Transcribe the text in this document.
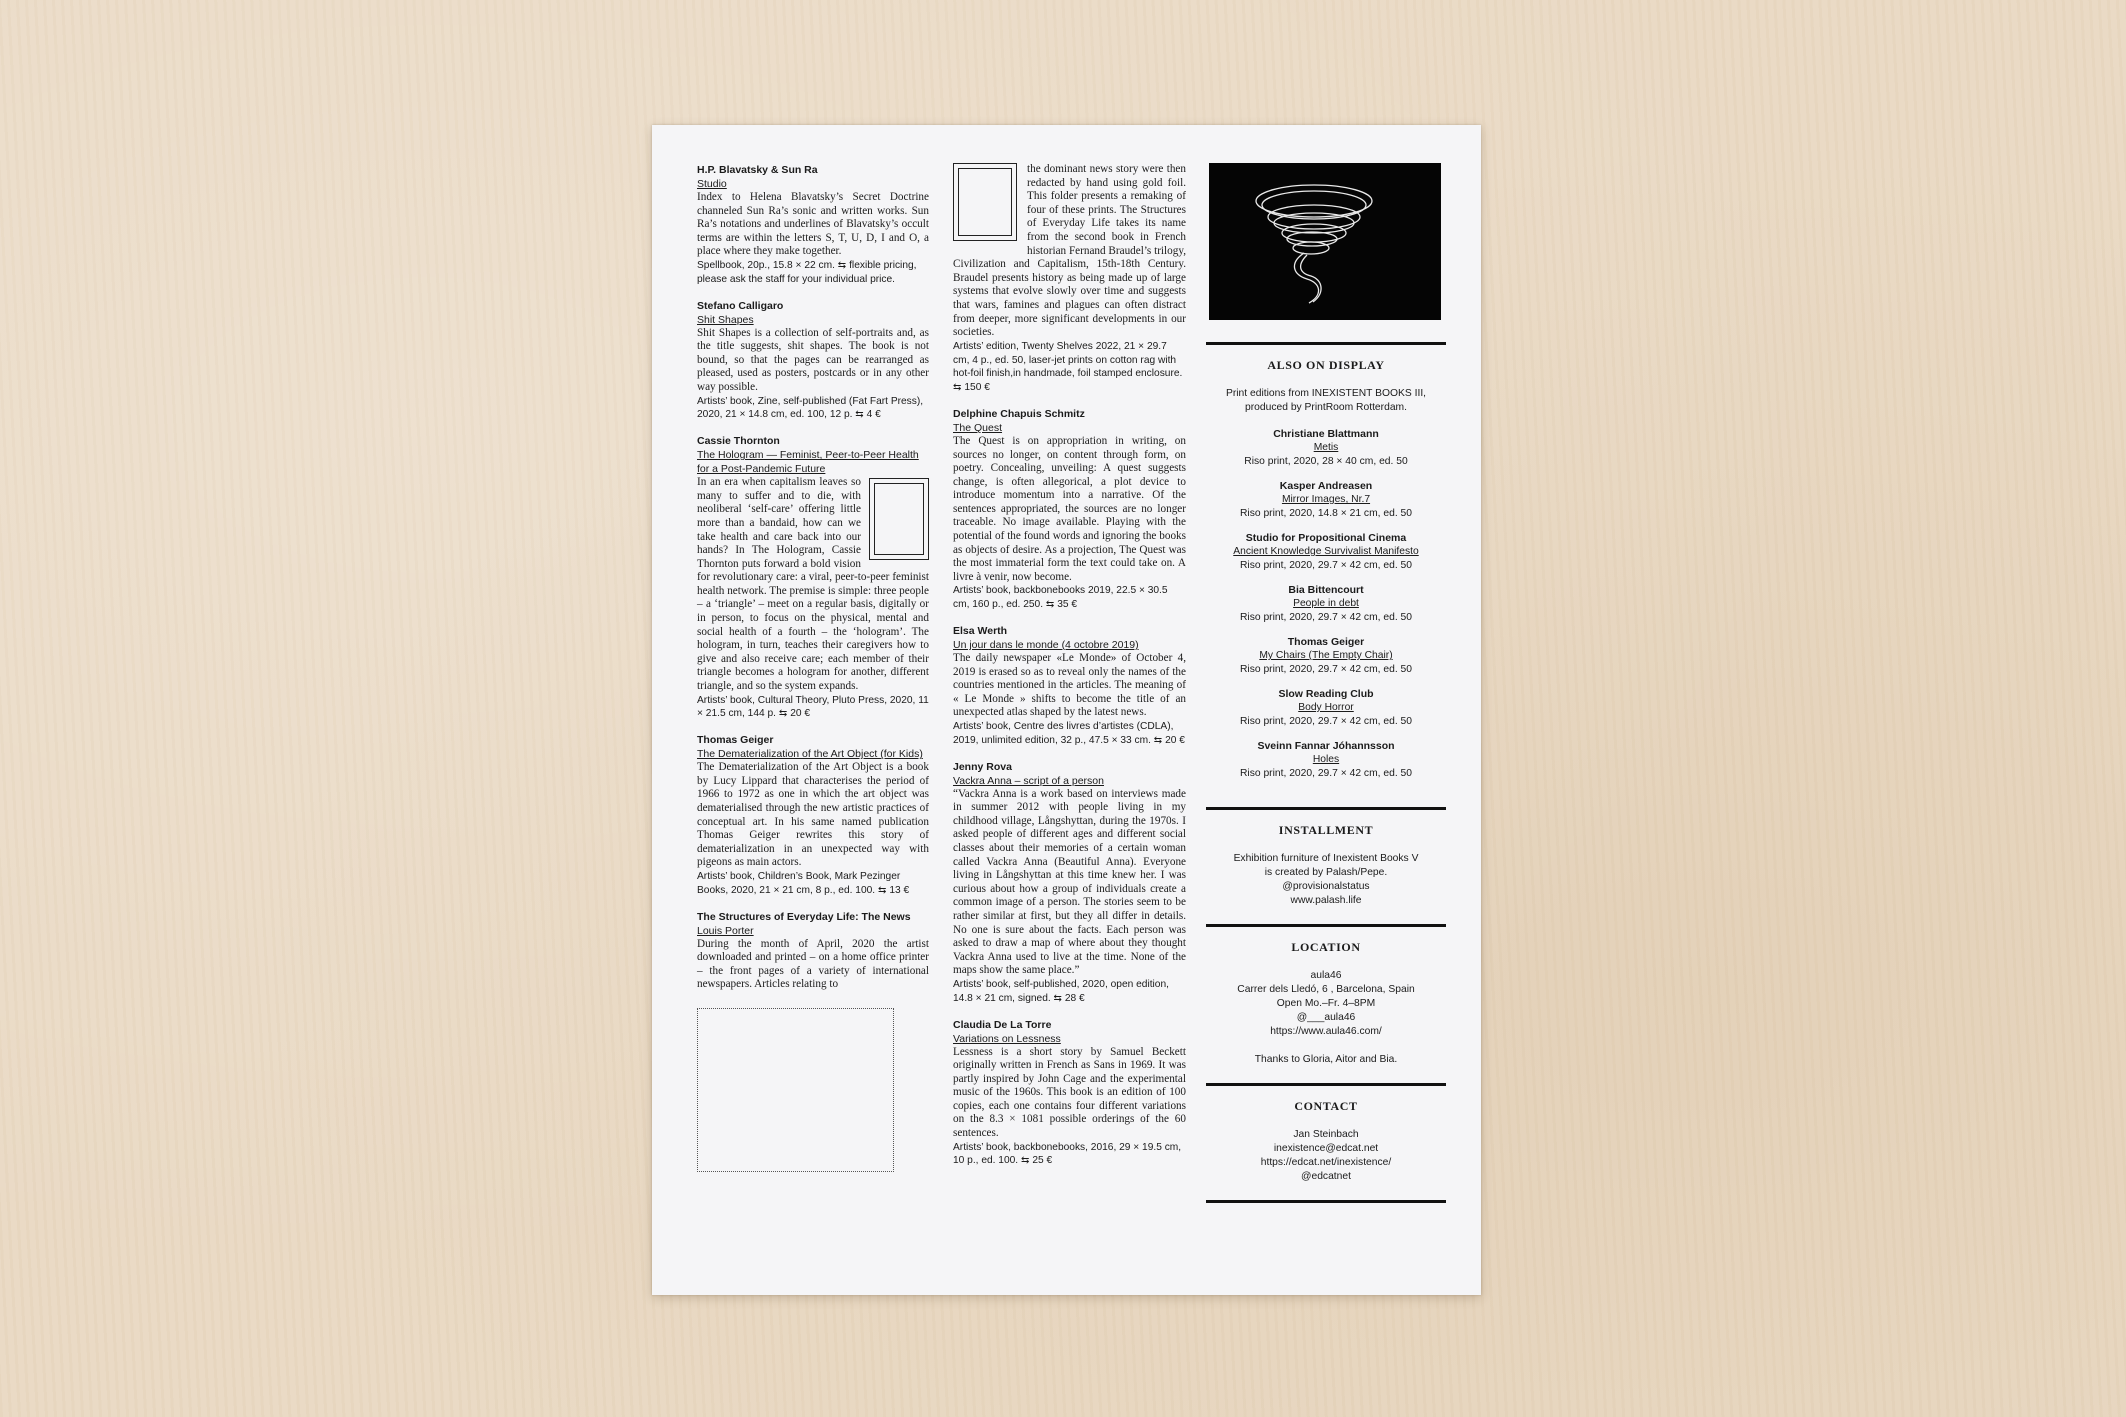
H.P. Blavatsky & Sun Ra
Studio

Index to Helena Blavatsky’s Secret Doctrine channeled Sun Ra’s sonic and written works. Sun Ra’s notations and underlines of Blavatsky’s occult terms are within the letters S, T, U, D, I and O, a place where they make together.

Spellbook, 20p., 15.8 × 22 cm. ⇆ flexible pricing, please ask the staff for your individual price.

Stefano Calligaro
Shit Shapes

Shit Shapes is a collection of self-portraits and, as the title suggests, shit shapes. The book is not bound, so that the pages can be rearranged as pleased, used as posters, postcards or in any other way possible.

Artists’ book, Zine, self-published (Fat Fart Press), 2020, 21 × 14.8 cm, ed. 100, 12 p. ⇆ 4 €

Cassie Thornton
The Hologram — Feminist, Peer-to-Peer Health for a Post-Pandemic Future

In an era when capitalism leaves so many to suffer and to die, with neoliberal ‘self-care’ offering little more than a bandaid, how can we take health and care back into our hands? In The Hologram, Cassie Thornton puts forward a bold vision for revolutionary care: a viral, peer-to-peer feminist health network. The premise is simple: three people – a ‘triangle’ – meet on a regular basis, digitally or in person, to focus on the physical, mental and social health of a fourth – the ‘hologram’. The hologram, in turn, teaches their caregivers how to give and also receive care; each member of their triangle becomes a hologram for another, different triangle, and so the system expands.

Artists’ book, Cultural Theory, Pluto Press, 2020, 11 × 21.5 cm, 144 p. ⇆ 20 €

Thomas Geiger
The Dematerialization of the Art Object (for Kids)

The Dematerialization of the Art Object is a book by Lucy Lippard that characterises the period of 1966 to 1972 as one in which the art object was dematerialised through the new artistic practices of conceptual art. In his same named publication Thomas Geiger rewrites this story of dematerialization in an unexpected way with pigeons as main actors.

Artists’ book, Children’s Book, Mark Pezinger Books, 2020, 21 × 21 cm, 8 p., ed. 100. ⇆ 13 €

The Structures of Everyday Life: The News
Louis Porter

During the month of April, 2020 the artist downloaded and printed – on a home office printer – the front pages of a variety of international newspapers. Articles relating to

the dominant news story were then redacted by hand using gold foil. This folder presents a remaking of four of these prints. The Structures of Everyday Life takes its name from the second book in French historian Fernand Braudel’s trilogy, Civilization and Capitalism, 15th-18th Century. Braudel presents history as being made up of large systems that evolve slowly over time and suggests that wars, famines and plagues can often distract from deeper, more significant developments in our societies.

Artists’ edition, Twenty Shelves 2022, 21 × 29.7 cm, 4 p., ed. 50, laser-jet prints on cotton rag with hot-foil finish,in handmade, foil stamped enclosure. ⇆ 150 €

Delphine Chapuis Schmitz
The Quest

The Quest is on appropriation in writing, on sources no longer, on content through form, on poetry. Concealing, unveiling: A quest suggests change, is often allegorical, a plot device to introduce momentum into a narrative. Of the sentences appropriated, the sources are no longer traceable. No image available. Playing with the potential of the found words and ignoring the books as objects of desire. As a projection, The Quest was the most immaterial form the text could take on. A livre à venir, now become.

Artists’ book, backbonebooks 2019, 22.5 × 30.5 cm, 160 p., ed. 250. ⇆ 35 €

Elsa Werth
Un jour dans le monde (4 octobre 2019)

The daily newspaper «Le Monde» of October 4, 2019 is erased so as to reveal only the names of the countries mentioned in the articles. The meaning of « Le Monde » shifts to become the title of an unexpected atlas shaped by the latest news.

Artists’ book, Centre des livres d’artistes (CDLA), 2019, unlimited edition, 32 p., 47.5 × 33 cm. ⇆ 20 €

Jenny Rova
Vackra Anna – script of a person

“Vackra Anna is a work based on interviews made in summer 2012 with people living in my childhood village, Långshyttan, during the 1970s. I asked people of different ages and different social classes about their memories of a certain woman called Vackra Anna (Beautiful Anna). Everyone living in Långshyttan at this time knew her. I was curious about how a group of individuals create a common image of a person. The stories seem to be rather similar at first, but they all differ in details. No one is sure about the facts. Each person was asked to draw a map of where about they thought Vackra Anna used to live at the time. None of the maps show the same place.”

Artists’ book, self-published, 2020, open edition, 14.8 × 21 cm, signed. ⇆ 28 €

Claudia De La Torre
Variations on Lessness

Lessness is a short story by Samuel Beckett originally written in French as Sans in 1969. It was partly inspired by John Cage and the experimental music of the 1960s. This book is an edition of 100 copies, each one contains four different variations on the 8.3 × 1081 possible orderings of the 60 sentences.

Artists’ book, backbonebooks, 2016, 29 × 19.5 cm, 10 p., ed. 100. ⇆ 25 €

ALSO ON DISPLAY
Print editions from INEXISTENT BOOKS III, produced by PrintRoom Rotterdam.
Christiane Blattmann
Metis
Riso print, 2020, 28 × 40 cm, ed. 50
Kasper Andreasen
Mirror Images, Nr.7
Riso print, 2020, 14.8 × 21 cm, ed. 50
Studio for Propositional Cinema
Ancient Knowledge Survivalist Manifesto
Riso print, 2020, 29.7 × 42 cm, ed. 50
Bia Bittencourt
People in debt
Riso print, 2020, 29.7 × 42 cm, ed. 50
Thomas Geiger
My Chairs (The Empty Chair)
Riso print, 2020, 29.7 × 42 cm, ed. 50
Slow Reading Club
Body Horror
Riso print, 2020, 29.7 × 42 cm, ed. 50
Sveinn Fannar Jóhannsson
Holes
Riso print, 2020, 29.7 × 42 cm, ed. 50
INSTALLMENT
Exhibition furniture of Inexistent Books V
is created by Palash/Pepe.
@provisionalstatus
www.palash.life
LOCATION
aula46
Carrer dels Lledó, 6 , Barcelona, Spain
Open Mo.–Fr. 4–8PM
@___aula46
https://www.aula46.com/
Thanks to Gloria, Aitor and Bia.
CONTACT
Jan Steinbach
inexistence@edcat.net
https://edcat.net/inexistence/
@edcatnet
